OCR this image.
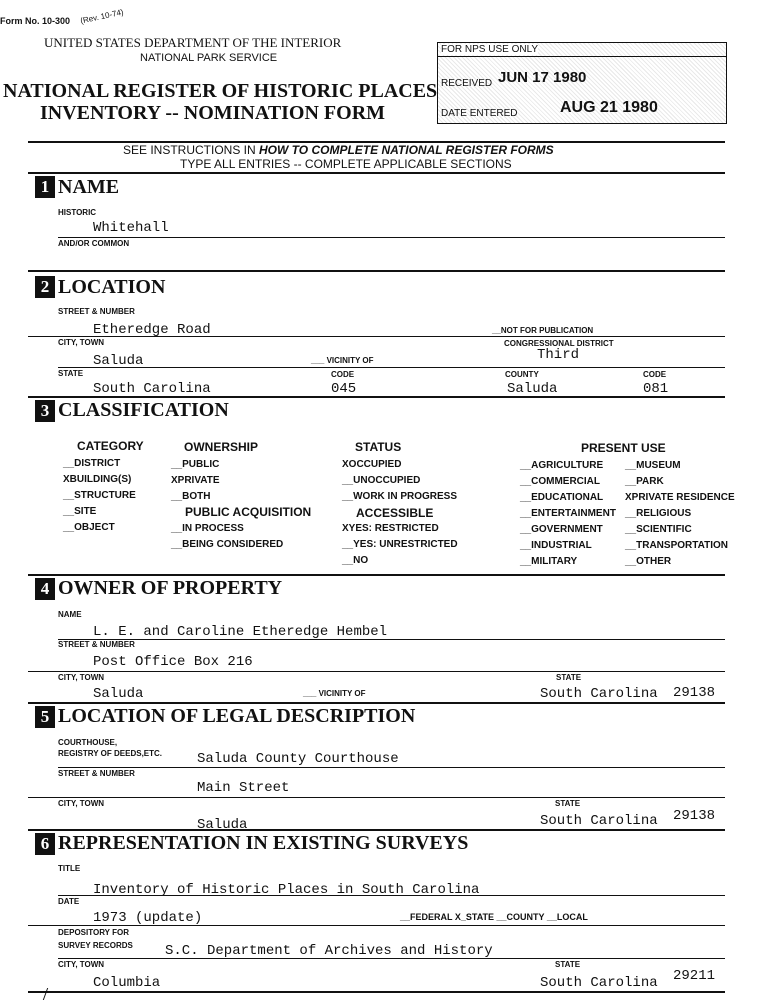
Form No. 10-300 (Rev. 10-74)
UNITED STATES DEPARTMENT OF THE INTERIOR
NATIONAL PARK SERVICE
NATIONAL REGISTER OF HISTORIC PLACES
INVENTORY -- NOMINATION FORM
FOR NPS USE ONLY
RECEIVED JUN 17 1980
DATE ENTERED	AUG 21 1980
SEE INSTRUCTIONS IN HOW TO COMPLETE NATIONAL REGISTER FORMS
TYPE ALL ENTRIES -- COMPLETE APPLICABLE SECTIONS
1 NAME
HISTORIC
Whitehall
AND/OR COMMON
2 LOCATION
STREET & NUMBER
Etheredge Road	__NOT FOR PUBLICATION
CITY, TOWN	CONGRESSIONAL DISTRICT
Saluda	___ VICINITY OF	Third
STATE	CODE	COUNTY	CODE
South Carolina	045	Saluda	081
3 CLASSIFICATION
CATEGORY	OWNERSHIP	STATUS	PRESENT USE
__DISTRICT
XBUILDING(S)
__STRUCTURE
__SITE
__OBJECT
__PUBLIC
XPRIVATE
__BOTH
PUBLIC ACQUISITION
__IN PROCESS
__BEING CONSIDERED
XOCCUPIED
__UNOCCUPIED
__WORK IN PROGRESS
ACCESSIBLE
XYES: RESTRICTED
__YES: UNRESTRICTED
__NO
__AGRICULTURE
__COMMERCIAL
__EDUCATIONAL
__ENTERTAINMENT
__GOVERNMENT
__INDUSTRIAL
__MILITARY
__MUSEUM
__PARK
XPRIVATE RESIDENCE
__RELIGIOUS
__SCIENTIFIC
__TRANSPORTATION
__OTHER
4 OWNER OF PROPERTY
NAME
L. E. and Caroline Etheredge Hembel
STREET & NUMBER
Post Office Box 216
CITY, TOWN	STATE
Saluda	___ VICINITY OF	South Carolina 29138
5 LOCATION OF LEGAL DESCRIPTION
COURTHOUSE,
REGISTRY OF DEEDS,ETC. Saluda County Courthouse
STREET & NUMBER
Main Street
CITY, TOWN	STATE
Saluda	South Carolina 29138
6 REPRESENTATION IN EXISTING SURVEYS
TITLE
Inventory of Historic Places in South Carolina
DATE
1973 (update)	__FEDERAL X_STATE __COUNTY __LOCAL
DEPOSITORY FOR
SURVEY RECORDS S.C. Department of Archives and History
CITY, TOWN	STATE
Columbia	South Carolina 29211
